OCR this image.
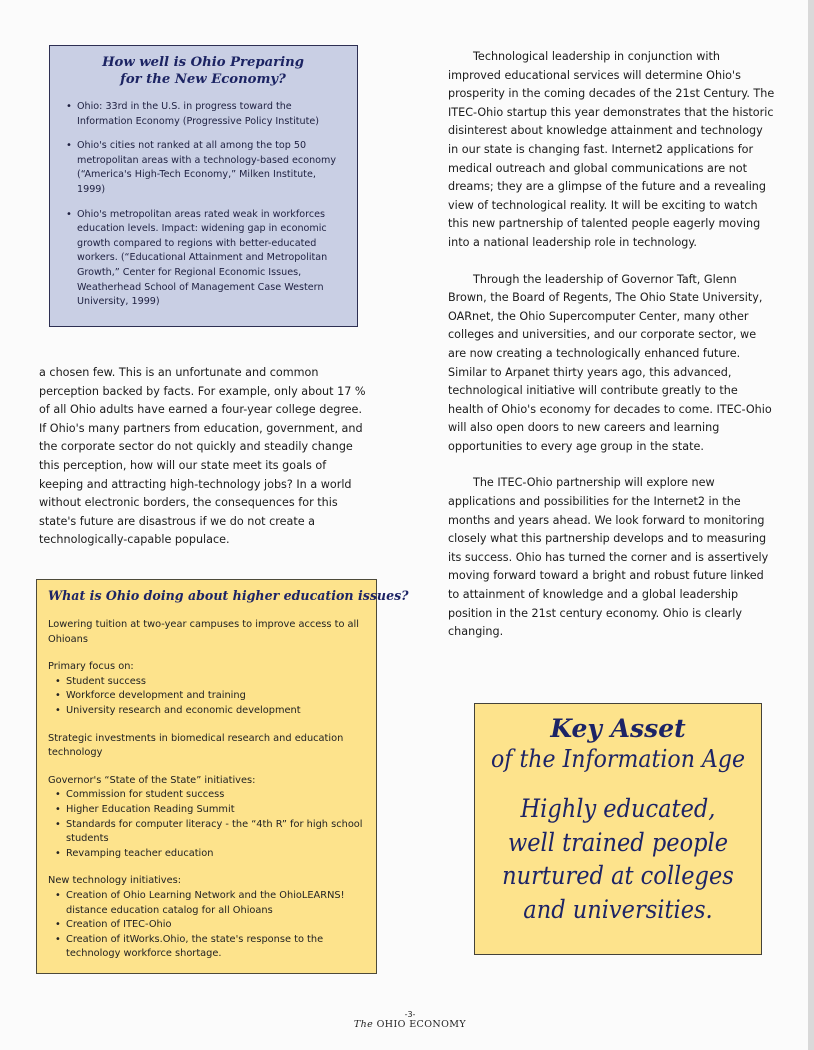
How well is Ohio Preparing
for the New Economy?
• Ohio: 33rd in the U.S. in progress toward the Information Economy (Progressive Policy Institute)
• Ohio's cities not ranked at all among the top 50 metropolitan areas with a technology-based economy (“America's High-Tech Economy,” Milken Institute, 1999)
• Ohio's metropolitan areas rated weak in workforces education levels. Impact: widening gap in economic growth compared to regions with better-educated workers. (“Educational Attainment and Metropolitan Growth,” Center for Regional Economic Issues, Weatherhead School of Management Case Western University, 1999)

a chosen few. This is an unfortunate and common perception backed by facts. For example, only about 17 % of all Ohio adults have earned a four-year college degree. If Ohio's many partners from education, government, and the corporate sector do not quickly and steadily change this perception, how will our state meet its goals of keeping and attracting high-technology jobs? In a world without electronic borders, the consequences for this state's future are disastrous if we do not create a technologically-capable populace.

What is Ohio doing about higher education issues?

Lowering tuition at two-year campuses to improve access to all Ohioans

Primary focus on:

• Student success
• Workforce development and training
• University research and economic development

Strategic investments in biomedical research and education technology

Governor's “State of the State” initiatives:

• Commission for student success
• Higher Education Reading Summit
• Standards for computer literacy - the “4th R” for high school students
• Revamping teacher education

New technology initiatives:

• Creation of Ohio Learning Network and the OhioLEARNS! distance education catalog for all Ohioans
• Creation of ITEC-Ohio
• Creation of itWorks.Ohio, the state's response to the technology workforce shortage.

Technological leadership in conjunction with improved educational services will determine Ohio's prosperity in the coming decades of the 21st Century. The ITEC-Ohio startup this year demonstrates that the historic disinterest about knowledge attainment and technology in our state is changing fast. Internet2 applications for medical outreach and global communications are not dreams; they are a glimpse of the future and a revealing view of technological reality. It will be exciting to watch this new partnership of talented people eagerly moving into a national leadership role in technology.

Through the leadership of Governor Taft, Glenn Brown, the Board of Regents, The Ohio State University, OARnet, the Ohio Supercomputer Center, many other colleges and universities, and our corporate sector, we are now creating a technologically enhanced future. Similar to Arpanet thirty years ago, this advanced, technological initiative will contribute greatly to the health of Ohio's economy for decades to come. ITEC-Ohio will also open doors to new careers and learning opportunities to every age group in the state.

The ITEC-Ohio partnership will explore new applications and possibilities for the Internet2 in the months and years ahead. We look forward to monitoring closely what this partnership develops and to measuring its success. Ohio has turned the corner and is assertively moving forward toward a bright and robust future linked to attainment of knowledge and a global leadership position in the 21st century economy. Ohio is clearly changing.

Key Asset
of the Information Age
Highly educated,
well trained people
nurtured at colleges
and universities.
-3-
The OHIO ECONOMY
